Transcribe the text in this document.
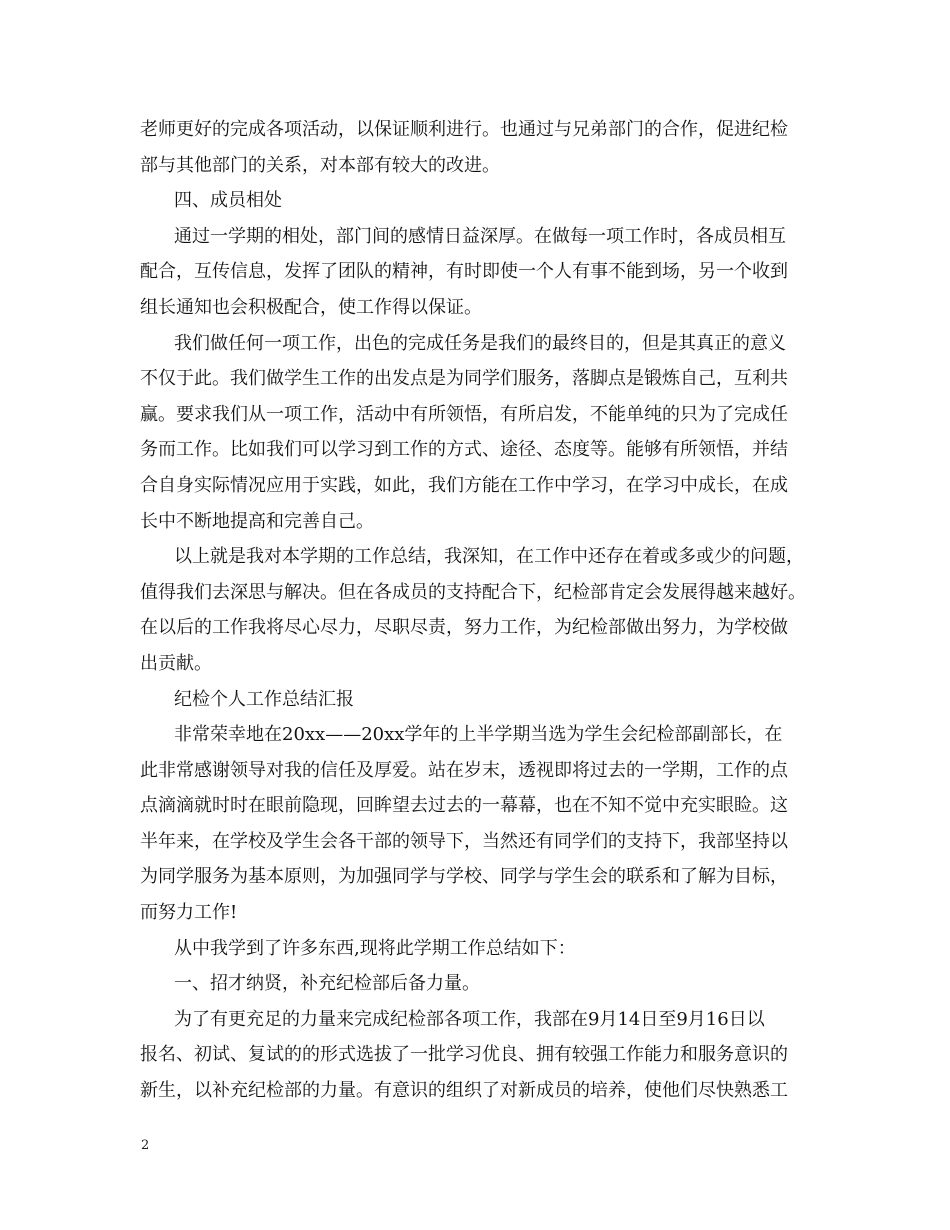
老师更好的完成各项活动，以保证顺利进行。也通过与兄弟部门的合作，促进纪检
部与其他部门的关系，对本部有较大的改进。
四、成员相处
通过一学期的相处，部门间的感情日益深厚。在做每一项工作时，各成员相互
配合，互传信息，发挥了团队的精神，有时即使一个人有事不能到场，另一个收到
组长通知也会积极配合，使工作得以保证。
我们做任何一项工作，出色的完成任务是我们的最终目的，但是其真正的意义
不仅于此。我们做学生工作的出发点是为同学们服务，落脚点是锻炼自己，互利共
赢。要求我们从一项工作，活动中有所领悟，有所启发，不能单纯的只为了完成任
务而工作。比如我们可以学习到工作的方式、途径、态度等。能够有所领悟，并结
合自身实际情况应用于实践，如此，我们方能在工作中学习，在学习中成长，在成
长中不断地提高和完善自己。
以上就是我对本学期的工作总结，我深知，在工作中还存在着或多或少的问题，
值得我们去深思与解决。但在各成员的支持配合下，纪检部肯定会发展得越来越好。
在以后的工作我将尽心尽力，尽职尽责，努力工作，为纪检部做出努力，为学校做
出贡献。
纪检个人工作总结汇报
非常荣幸地在20xx——20xx学年的上半学期当选为学生会纪检部副部长，在
此非常感谢领导对我的信任及厚爱。站在岁末，透视即将过去的一学期，工作的点
点滴滴就时时在眼前隐现，回眸望去过去的一幕幕，也在不知不觉中充实眼睑。这
半年来，在学校及学生会各干部的领导下，当然还有同学们的支持下，我部坚持以
为同学服务为基本原则，为加强同学与学校、同学与学生会的联系和了解为目标，
而努力工作!
从中我学到了许多东西,现将此学期工作总结如下：
一、招才纳贤，补充纪检部后备力量。
为了有更充足的力量来完成纪检部各项工作，我部在9月14日至9月16日以
报名、初试、复试的的形式选拔了一批学习优良、拥有较强工作能力和服务意识的
新生，以补充纪检部的力量。有意识的组织了对新成员的培养，使他们尽快熟悉工
2
